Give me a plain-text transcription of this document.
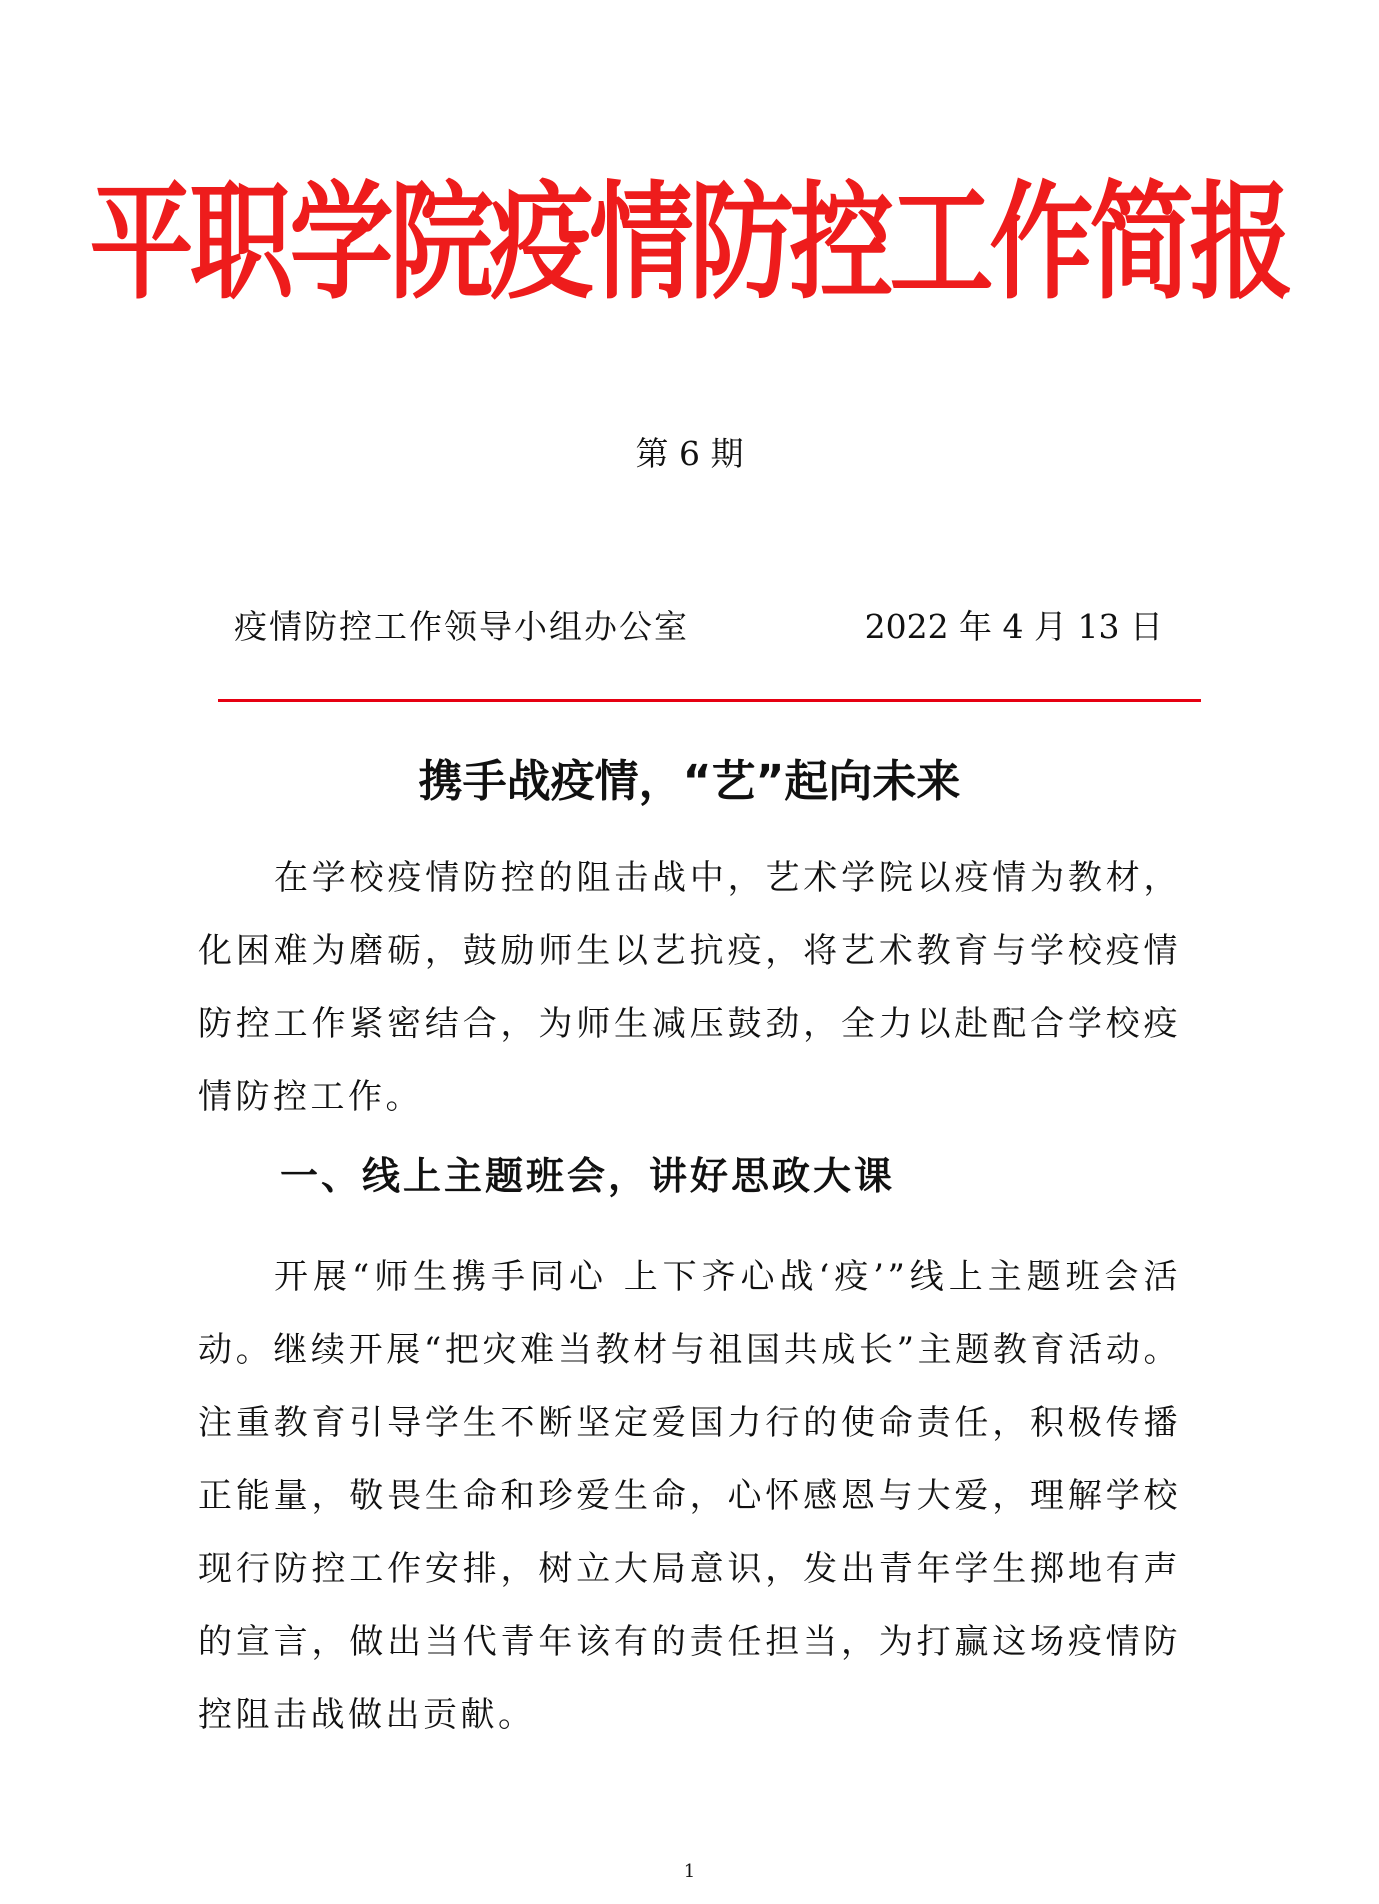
平职学院疫情防控工作简报
第 6 期
疫情防控工作领导小组办公室	2022 年 4 月 13 日
携手战疫情，“艺”起向未来

在学校疫情防控的阻击战中，艺术学院以疫情为教材，化困难为磨砺，鼓励师生以艺抗疫，将艺术教育与学校疫情防控工作紧密结合，为师生减压鼓劲，全力以赴配合学校疫情防控工作。

一、线上主题班会，讲好思政大课

开展“师生携手同心 上下齐心战‘疫’”线上主题班会活动。继续开展“把灾难当教材与祖国共成长”主题教育活动。注重教育引导学生不断坚定爱国力行的使命责任，积极传播正能量，敬畏生命和珍爱生命，心怀感恩与大爱，理解学校现行防控工作安排，树立大局意识，发出青年学生掷地有声的宣言，做出当代青年该有的责任担当，为打赢这场疫情防控阻击战做出贡献。

1
